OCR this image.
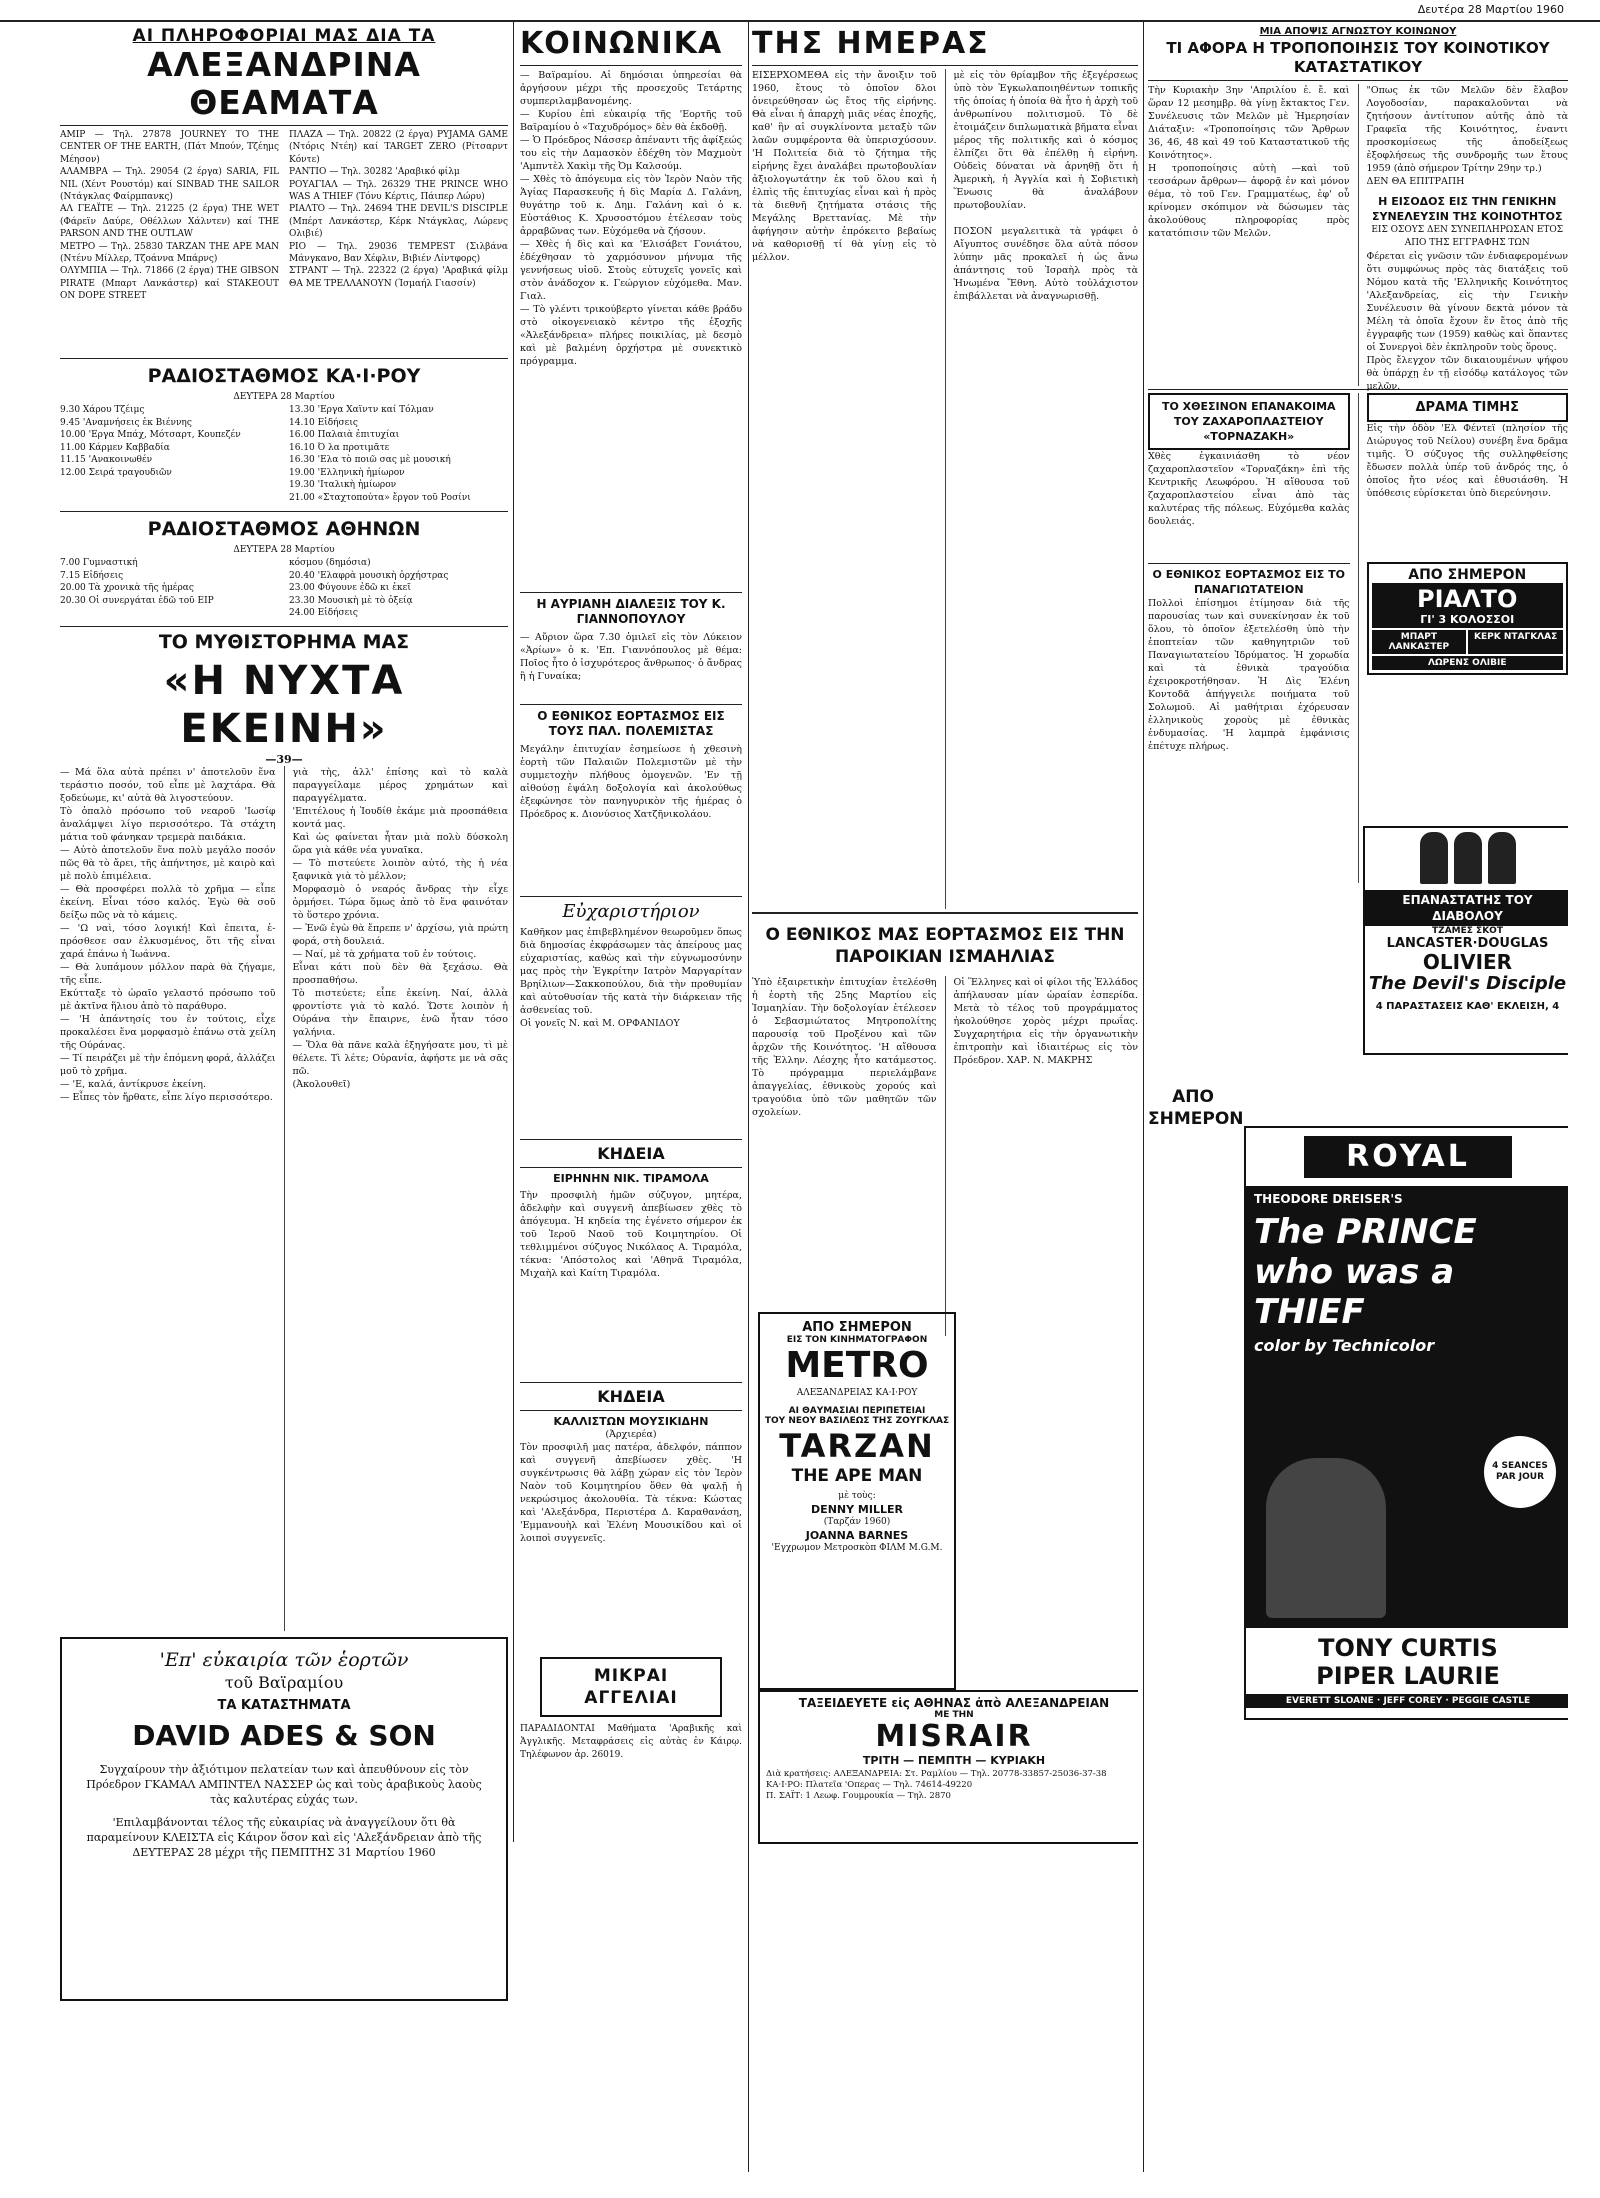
Δευτέρα 28 Μαρτίου 1960

ΑΙ ΠΛΗΡΟΦΟΡΙΑΙ ΜΑΣ ΔΙΑ ΤΑ

ΑΛΕΞΑΝΔΡΙΝΑ ΘΕΑΜΑΤΑ

ΑΜΙΡ — Τηλ. 27878 JOURNEY TO THE CENTER OF THE EARTH, (Πάτ Μπούν, Τζέημς Μέησον)
ΑΛΑΜΒΡΑ — Τηλ. 29054 (2 έργα) SARIA, FIL NIL (Χέντ Ρουστόμ) καί SINBAD THE SAILOR (Ντάγκλας Φαίρμπανκς)
ΑΛ ΓΕΑΪΤΕ — Τηλ. 21225 (2 έργα) THE WET (Φάρεϊν Δαύρε, Οθέλλων Χάλντεν) καί THE PARSON AND THE OUTLAW
ΜΕΤΡΟ — Τηλ. 25830 TARZAN THE APE MAN (Ντένυ Μίλλερ, Τζοάννα Μπάρνς)
ΟΛΥΜΠΙΑ — Τηλ. 71866 (2 έργα) THE GIBSON PIRATE (Μπαρτ Λανκάστερ) καί STAKEOUT ON DOPE STREET

ΠΛΑΖΑ — Τηλ. 20822 (2 έργα) PYJAMA GAME (Ντόρις Ντέη) καί TARGET ZERO (Ρίτσαρντ Κόντε)
ΡΑΝΤΙΟ — Τηλ. 30282 'Αραβικό φίλμ
ΡΟΥΑΓΙΑΛ — Τηλ. 26329 THE PRINCE WHO WAS A THIEF (Τόνυ Κέρτις, Πάιπερ Λώρυ)
ΡΙΑΛΤΟ — Τηλ. 24694 THE DEVIL'S DISCIPLE (Μπέρτ Λανκάστερ, Κέρκ Ντάγκλας, Λώρενς Ολιβιέ)
ΡΙΟ — Τηλ. 29036 TEMPEST (Σιλβάνα Μάνγκανο, Βαν Χέφλιν, Βιβιέν Λίντφορς)
ΣΤΡΑΝΤ — Τηλ. 22322 (2 έργα) 'Αραβικά φίλμ ΘΑ ΜΕ ΤΡΕΛΛΑΝΟΥΝ (Ίσμαήλ Γιασσίν)

ΡΑΔΙΟΣΤΑΘΜΟΣ ΚΑ·Ι·ΡΟΥ

ΔΕΥΤΕΡΑ 28 Μαρτίου

9.30 Χάρου Τζέιμς
9.45 'Αναμνήσεις ἐκ Βιέννης
10.00 'Εργα Μπάχ, Μότσαρτ, Κουπεζέν
11.00 Κάρμεν Καββαδία
11.15 'Ανακοινωθέν
12.00 Σειρά τραγουδιῶν

13.30 'Εργα Χαϊντν καί Τόλμαν
14.10 Εἰδήσεις
16.00 Παλαιὰ ἐπιτυχίαι
16.10 Ό λα προτιμᾶτε
16.30 'Ελα τὸ ποιῶ σας μὲ μουσική
19.00 'Ελληνικὴ ἡμίωρον
19.30 'Ιταλικὴ ἡμίωρον
21.00 «Σταχτοπούτα» ἔργον τοῦ Ροσίνι

ΡΑΔΙΟΣΤΑΘΜΟΣ ΑΘΗΝΩΝ

ΔΕΥΤΕΡΑ 28 Μαρτίου

7.00 Γυμναστική
7.15 Εἰδήσεις
20.00 Τὰ χρονικὰ τῆς ἡμέρας
20.30 Οἱ συνεργάται ἐδῶ τοῦ ΕΙΡ

κόσμου (δημόσια)
20.40 'Ελαφρὰ μουσικὴ ὀρχήστρας
23.00 Φύγουνε ἐδῶ κι ἐκεῖ
23.30 Μουσικὴ μὲ τὸ ὀξείᾳ
24.00 Εἰδήσεις

ΤΟ ΜΥΘΙΣΤΟΡΗΜΑ ΜΑΣ

«Η ΝΥΧΤΑ ΕΚΕΙΝΗ»

—39—

— Μά ὅλα αὐτὰ πρέπει ν' ἀποτελοῦν ἕνα τεράστιο ποσόν, τοῦ εἶπε μὲ λαχτάρα. Θὰ ξοδεύωμε, κι' αὐτὰ θὰ λιγοστεύουν.
Τὸ ὀπαλὸ πρόσωπο τοῦ νεαροῦ 'Ιωσίφ ἀναλάμψει λίγο περισσότερο. Τὰ στάχτη μάτια τοῦ φάνηκαν τρεμερὰ παιδάκια.
— Αὐτὸ ἀποτελοῦν ἕνα πολὺ μεγάλο ποσόν πῶς θὰ τὸ ἄρει, τῆς ἀπήντησε, μὲ καιρὸ καὶ μὲ πολὺ ἐπιμέλεια.
— Θὰ προσφέρει πολλὰ τὸ χρῆμα — εἶπε ἐκείνη. Εἶναι τόσο καλός. Ἐγὼ θὰ σοῦ δείξω πῶς νὰ τὸ κάμεις.
— 'Ω ναὶ, τόσο λογική! Καὶ ἐπειτα, ἐ- πρόσθεσε σαν ἐλκυσμένος, ὅτι τῆς εἶναι χαρά ἐπάνω ἡ Ἰωάννα.
— Θὰ λυπάμουν μόλλον παρὰ θὰ ζήγαμε, τῆς εἶπε.
Εκύτταξε τὸ ὡραῖο γελαστό πρόσωπο τοῦ μὲ ἀκτῖνα ἥλιου ἀπὸ τὸ παράθυρο.
— 'Η ἀπάντησίς του ἐν τούτοις, εἶχε προκαλέσει ἕνα μορφασμὸ ἐπάνω στὰ χείλη τῆς Ούράνας.
— Τί πειράζει μὲ τὴν ἑπόμενη φορά, ἀλλάζει μοῦ τὸ χρῆμα.
— 'Ε, καλά, ἀντίκρυσε ἐκείνη.
— Εἶπες τὸν ἤρθατε, εἶπε λίγο περισσότερο.

γιὰ τὴς, ἀλλ' ἐπίσης καὶ τὸ καλὰ παραγγείλαμε μέρος χρημάτων καὶ παραγγέλματα.
'Επιτέλους ἡ Ἰουδίθ ἐκάμε μιὰ προσπάθεια κοντά μας.
Καὶ ὡς φαίνεται ἦταν μιὰ πολὺ δύσκολη ὥρα γιὰ κάθε νέα γυναῖκα.
— Τὸ πιστεύετε λοιπὸν αὐτό, τὴς ἡ νέα ξαφνικὰ γιὰ τὸ μέλλον;
Μορφασμὸ ὁ νεαρός ἄνδρας τὴν εἶχε ὁρμήσει. Τώρα ὅμως ἀπὸ τὸ ἕνα φαινόταν τὸ ὕστερο χρόνια.
— Ἐνῶ ἐγὼ θὰ ἔπρεπε ν' ἀρχίσω, γιὰ πρώτη φορά, στὴ δουλειά.
— Ναί, μὲ τὰ χρήματα τοῦ ἐν τούτοις.
Εἶναι κάτι ποὺ δὲν θὰ ξεχάσω. Θὰ προσπαθήσω.
Τὸ πιστεύετε; εἶπε ἐκείνη. Ναί, ἀλλὰ φροντίστε γιὰ τὸ καλό. Ὥστε λοιπὸν ἡ Ούράνα τὴν ἔπαιρνε, ἐνῶ ἦταν τόσο γαλήνια.
— Ὅλα θὰ πᾶνε καλὰ ἐξηγήσατε μου, τὶ μὲ θέλετε. Τὶ λέτε; Οὐρανία, ἀφήστε με νὰ σᾶς πῶ.
(Ἀκολουθεῖ)

'Επ' εὐκαιρία τῶν ἑορτῶν

τοῦ Βαϊραμίου

ΤΑ ΚΑΤΑΣΤΗΜΑΤΑ

DAVID ADES & SON

Συγχαίρουν τὴν ἀξιότιμον πελατείαν των καὶ ἀπευθύνουν εἰς τὸν Πρόεδρον ΓΚΑΜΑΛ ΑΜΠΝΤΕΛ ΝΑΣΣΕΡ ὡς καὶ τοὺς ἀραβικοὺς λαοὺς τὰς καλυτέρας εὐχάς των.

'Επιλαμβάνονται τέλος τῆς εὐκαιρίας νὰ ἀναγγείλουν ὅτι θὰ παραμείνουν ΚΛΕΙΣΤΑ εἰς Κάιρον ὅσον καὶ εἰς 'Αλεξάνδρειαν ἀπὸ τῆς ΔΕΥΤΕΡΑΣ 28 μέχρι τῆς ΠΕΜΠΤΗΣ 31 Μαρτίου 1960

ΚΟΙΝΩΝΙΚΑ

— Βαϊραμίου. Αἱ δημόσιαι ὑπηρεσίαι θὰ ἀργήσουν μέχρι τῆς προσεχοῦς Τετάρτης συμπεριλαμβανομένης.
— Κυρίου ἐπὶ εὐκαιρίᾳ τῆς 'Εορτῆς τοῦ Βαϊραμίου ὁ «Ταχυδρόμος» δὲν θὰ ἐκδοθῇ.
— Ὁ Πρόεδρος Νάσσερ ἀπέναντι τῆς ἀφίξεώς του εἰς τὴν Δαμασκὸν ἐδέχθη τὸν Μαχμοὺτ 'Αμπντὲλ Χακὶμ τῆς Ὀμ Καλσούμ.
— Χθὲς τὸ ἀπόγευμα εἰς τὸν Ἱερὸν Ναὸν τῆς Ἁγίας Παρασκευῆς ἡ δὶς Μαρία Δ. Γαλάνη, θυγάτηρ τοῦ κ. Δημ. Γαλάνη καὶ ὁ κ. Εὐστάθιος Κ. Χρυσοστόμου ἐτέλεσαν τοὺς ἀρραβῶνας των. Εὐχόμεθα νὰ ζήσουν.
— Χθὲς ἡ δὶς καὶ κα 'Ελισάβετ Γονιάτου, ἐδέχθησαν τὸ χαρμόσυνον μήνυμα τῆς γεννήσεως υἱοῦ. Στοὺς εὐτυχεῖς γονεῖς καὶ στὸν ἀνάδοχον κ. Γεώργιον εὐχόμεθα. Μαν. Γιαλ.
— Τὸ γλέντι τρικούβερτο γίνεται κάθε βράδυ στὸ οἰκογενειακὸ κέντρο τῆς ἐξοχῆς «Ἀλεξάνδρεια» πλήρες ποικιλίας, μὲ δεσμὸ καὶ μὲ βαλμένη ὀρχήστρα μὲ συνεκτικὸ πρόγραμμα.

Η ΑΥΡΙΑΝΗ ΔΙΑΛΕΞΙΣ ΤΟΥ Κ. ΓΙΑΝΝΟΠΟΥΛΟΥ

— Αὔριον ὥρα 7.30 ὁμιλεῖ εἰς τὸν Λύκειον «Ἀρίων» ὁ κ. 'Επ. Γιαννόπουλος μὲ θέμα: Ποῖος ἦτο ὁ ἰσχυρότερος ἄνθρωπος· ὁ ἄνδρας ἢ ἡ Γυναίκα;

Ο ΕΘΝΙΚΟΣ ΕΟΡΤΑΣΜΟΣ ΕΙΣ ΤΟΥΣ ΠΑΛ. ΠΟΛΕΜΙΣΤΑΣ

Μεγάλην ἐπιτυχίαν ἐσημείωσε ἡ χθεσινὴ ἑορτὴ τῶν Παλαιῶν Πολεμιστῶν μὲ τὴν συμμετοχὴν πλήθους ὁμογενῶν. 'Εν τῇ αἰθούσῃ ἐψάλη δοξολογία καὶ ἀκολούθως ἐξεφώνησε τὸν πανηγυρικὸν τῆς ἡμέρας ὁ Πρόεδρος κ. Διονύσιος Χατζῆνικολάου.

Εὐχαριστήριον

Καθῆκον μας ἐπιβεβλημένον θεωροῦμεν ὅπως διὰ δημοσίας ἐκφράσωμεν τὰς ἀπείρους μας εὐχαριστίας, καθὼς καὶ τὴν εὐγνωμοσύνην μας πρὸς τὴν Ἐγκρίτην Ιατρὸν Μαργαρίταν Βρηίλιων—Σακκοπούλου, διὰ τὴν προθυμίαν καὶ αὐτοθυσίαν τῆς κατὰ τὴν διάρκειαν τῆς ἀσθενείας τοῦ.
Οἱ γονεῖς Ν. καὶ Μ. ΟΡΦΑΝΙΔΟΥ

ΚΗΔΕΙΑ

ΕΙΡΗΝΗΝ ΝΙΚ. ΤΙΡΑΜΟΛΑ

Τὴν προσφιλὴ ἡμῶν σύζυγον, μητέρα, ἀδελφὴν καὶ συγγενῆ ἀπεβίωσεν χθὲς τὸ ἀπόγευμα. Ἡ κηδεία της ἐγένετο σήμερον ἐκ τοῦ Ἱεροῦ Ναοῦ τοῦ Κοιμητηρίου. Οἱ τεθλιμμένοι σύζυγος Νικόλαος Α. Τιραμόλα, τέκνα: 'Απόστολος καὶ 'Αθηνᾶ Τιραμόλα, Μιχαὴλ καὶ Καίτη Τιραμόλα.

ΚΗΔΕΙΑ

ΚΑΛΛΙΣΤΩΝ ΜΟΥΣΙΚΙΔΗΝ

(Ἀρχιερέα)

Τὸν προσφιλῆ μας πατέρα, ἀδελφόν, πάππον καὶ συγγενῆ ἀπεβίωσεν χθὲς. 'Η συγκέντρωσις θὰ λάβῃ χώραν εἰς τὸν Ἱερὸν Ναὸν τοῦ Κοιμητηρίου ὅθεν θὰ ψαλῇ ἡ νεκρώσιμος ἀκολουθία. Τὰ τέκνα: Κώστας καὶ 'Αλεξάνδρα, Περιστέρα Δ. Καραθανάση, 'Εμμανουὴλ καὶ Ἑλένη Μουσικίδου καὶ οἱ λοιποὶ συγγενεῖς.

ΜΙΚΡΑΙ ΑΓΓΕΛΙΑΙ

ΠΑΡΑΔΙΔΟΝΤΑΙ Μαθήματα 'Αραβικῆς καὶ Ἀγγλικῆς. Μεταφράσεις εἰς αὐτὰς ἐν Κάιρῳ. Τηλέφωνον ἀρ. 26019.

ΤΗΣ ΗΜΕΡΑΣ

ΕΙΣΕΡΧΟΜΕΘΑ εἰς τὴν ἄνοιξιν τοῦ 1960, ἔτους τὸ ὁποῖον δλοι ὀνειρεύθησαν ὡς ἔτος τῆς εἰρήνης. Θὰ εἶναι ἡ ἀπαρχὴ μιᾶς νέας ἐποχῆς, καθ' ἣν αἱ συγκλίνοντα μεταξὺ τῶν λαῶν συμφέροντα θὰ ὑπερισχύσουν. 'Η Πολιτεία διὰ τὸ ζήτημα τῆς εἰρήνης ἔχει ἀναλάβει πρωτοβουλίαν ἀξιολογωτάτην ἐκ τοῦ ὅλου καὶ ἡ ἐλπὶς τῆς ἐπιτυχίας εἶναι καὶ ἡ πρὸς τὰ διεθνῆ ζητήματα στάσις τῆς Μεγάλης Βρεττανίας. Μὲ τὴν ἀφήγησιν αὐτὴν ἐπρόκειτο βεβαίως νὰ καθορισθῇ τί θὰ γίνῃ εἰς τὸ μέλλον.

μὲ εἰς τὸν θρίαμβον τῆς ἐξεγέρσεως ὑπὸ τὸν Ἐγκωλαποιηθέντων τοπικῆς τῆς ὁποίας ἡ ὁποία θὰ ἦτο ἡ ἀρχὴ τοῦ ἀνθρωπίνου πολιτισμοῦ. Τὸ δὲ ἐτοιμάζειν διπλωματικὰ βῆματα εἶναι μέρος τῆς πολιτικῆς καὶ ὁ κόσμος ἐλπίζει ὅτι θὰ ἐπέλθῃ ἡ εἰρήνη. Οὐδεὶς δύναται νὰ ἀρνηθῇ ὅτι ἡ Ἀμερικὴ, ἡ Ἀγγλία καὶ ἡ Σοβιετικὴ Ἕνωσις θὰ ἀναλάβουν πρωτοβουλίαν.

ΠΟΣΟΝ μεγαλειτικὰ τὰ γράφει ὁ Αἴγυπτος συνέδησε ὅλα αὐτὰ πόσον λύπην μᾶς προκαλεῖ ἡ ὡς ἄνω ἀπάντησις τοῦ Ἰσραὴλ πρὸς τὰ Ἡνωμένα Ἔθνη. Αὐτὸ τοὐλάχιστον ἐπιβάλλεται νὰ ἀναγνωρισθῇ.

Ο ΕΘΝΙΚΟΣ ΜΑΣ ΕΟΡΤΑΣΜΟΣ ΕΙΣ ΤΗΝ ΠΑΡΟΙΚΙΑΝ ΙΣΜΑΗΛΙΑΣ

Ὑπὸ ἐξαιρετικὴν ἐπιτυχίαν ἐτελέσθη ἡ ἑορτὴ τῆς 25ης Μαρτίου εἰς Ἰσμαηλίαν. Τὴν δοξολογίαν ἐτέλεσεν ὁ Σεβασμιώτατος Μητροπολίτης παρουσίᾳ τοῦ Προξένου καὶ τῶν ἀρχῶν τῆς Κοινότητος. 'Η αἴθουσα τῆς Ἑλλην. Λέσχης ἦτο κατάμεστος. Τὸ πρόγραμμα περιελάμβανε ἀπαγγελίας, ἐθνικοὺς χορούς καὶ τραγούδια ὑπὸ τῶν μαθητῶν τῶν σχολείων.

Οἱ Ἕλληνες καὶ οἱ φίλοι τῆς Ἑλλάδος ἀπήλαυσαν μίαν ὡραίαν ἑσπερίδα. Μετὰ τὸ τέλος τοῦ προγράμματος ἠκολούθησε χορὸς μέχρι πρωΐας. Συγχαρητήρια εἰς τὴν ὀργανωτικὴν ἐπιτροπὴν καὶ ἰδιαιτέρως εἰς τὸν Πρόεδρον. ΧΑΡ. Ν. ΜΑΚΡΗΣ

ΑΠΟ ΣΗΜΕΡΟΝ

ΕΙΣ ΤΟΝ ΚΙΝΗΜΑΤΟΓΡΑΦΟΝ

METRO

ΑΛΕΞΑΝΔΡΕΙΑΣ ΚΑ·Ι·ΡΟΥ

ΑΙ ΘΑΥΜΑΣΙΑΙ ΠΕΡΙΠΕΤΕΙΑΙ

ΤΟΥ ΝΕΟΥ ΒΑΣΙΛΕΩΣ ΤΗΣ ΖΟΥΓΚΛΑΣ

TARZAN

THE APE MAN

μὲ τοὺς:

DENNY MILLER

(Ταρζάν 1960)

JOANNA BARNES

'Εγχρωμον Μετροσκὸπ ΦΙΛΜ Μ.G.M.

ΤΑΞΕΙΔΕΥΕΤΕ εἰς ΑΘΗΝΑΣ ἀπὸ ΑΛΕΞΑΝΔΡΕΙΑΝ

ΜΕ ΤΗΝ

MISRAIR

ΤΡΙΤΗ — ΠΕΜΠΤΗ — ΚΥΡΙΑΚΗ

Διὰ κρατήσεις: ΑΛΕΞΑΝΔΡΕΙΑ: Στ. Ραμλίου — Τηλ. 20778-33857-25036-37-38
ΚΑ·Ι·ΡΟ: Πλατεῖα 'Οπερας — Τηλ. 74614-49220
Π. ΣΑΪΤ: 1 Λεωφ. Γουμρουκία — Τηλ. 2870

ΜΙΑ ΑΠΟΨΙΣ ΑΓΝΩΣΤΟΥ ΚΟΙΝΩΝΟΥ

ΤΙ ΑΦΟΡΑ Η ΤΡΟΠΟΠΟΙΗΣΙΣ ΤΟΥ ΚΟΙΝΟΤΙΚΟΥ ΚΑΤΑΣΤΑΤΙΚΟΥ

Τὴν Κυριακὴν 3ην 'Απριλίου ἐ. ἔ. καὶ ὥραν 12 μεσημβρ. θὰ γίνῃ ἔκτακτος Γεν. Συνέλευσις τῶν Μελῶν μὲ Ἡμερησίαν Διάταξιν: «Τροποποίησις τῶν Ἄρθρων 36, 46, 48 καὶ 49 τοῦ Καταστατικοῦ τῆς Κοινότητος».
Η τροποποίησις αὐτὴ —καὶ τοῦ τεσσάρων ἄρθρων— ἀφορᾷ ἐν καὶ μόνον θέμα, τὸ τοῦ Γεν. Γραμματέως, ἐφ' οὗ κρίνομεν σκόπιμον νὰ δώσωμεν τὰς ἀκολούθους πληροφορίας πρὸς κατατόπισιν τῶν Μελῶν.

"Οπως ἐκ τῶν Μελῶν δὲν ἔλαβον Λογοδοσίαν, παρακαλοῦνται νὰ ζητήσουν ἀντίτυπον αὐτῆς ἀπὸ τὰ Γραφεῖα τῆς Κοινότητος, ἐναντι προσκομίσεως τῆς ἀποδείξεως ἐξοφλήσεως τῆς συνδρομῆς των ἔτους 1959 (ἀπὸ σήμερον Τρίτην 29ην τρ.)
ΔΕΝ ΘΑ ΕΠΙΤΡΑΠΗ

Η ΕΙΣΟΔΟΣ ΕΙΣ ΤΗΝ ΓΕΝΙΚΗΝ ΣΥΝΕΛΕΥΣΙΝ ΤΗΣ ΚΟΙΝΟΤΗΤΟΣ

ΕΙΣ ΟΣΟΥΣ ΔΕΝ ΣΥΝΕΠΛΗΡΩΣΑΝ ΕΤΟΣ ΑΠΟ ΤΗΣ ΕΓΓΡΑΦΗΣ ΤΩΝ

Φέρεται εἰς γνῶσιν τῶν ἐνδιαφερομένων ὅτι συμφώνως πρὸς τὰς διατάξεις τοῦ Νόμου κατὰ τῆς 'Ελληνικῆς Κοινότητος 'Αλεξανδρείας, εἰς τὴν Γενικὴν Συνέλευσιν θὰ γίνουν δεκτὰ μόνον τὰ Μέλη τὰ ὁποῖα ἔχουν ἕν ἔτος ἀπὸ τῆς ἐγγραφῆς των (1959) καθὼς καὶ ὅπαντες οἱ Συνεργοὶ δὲν ἐκπληροῦν τοὺς ὅρους.
Πρὸς ἔλεγχον τῶν δικαιουμένων ψήφου θὰ ὑπάρχῃ ἐν τῇ εἰσόδῳ κατάλογος τῶν μελῶν.

ΤΟ ΧΘΕΣΙΝΟΝ ΕΠΑΝΑΚΟΙΜΑ ΤΟΥ ΖΑΧΑΡΟΠΛΑΣΤΕΙΟΥ «ΤΟΡΝΑΖΑΚΗ»

Χθὲς ἐγκαινιάσθη τὸ νέον ζαχαροπλαστεῖον «Τορναζάκη» ἐπὶ τῆς Κεντρικῆς Λεωφόρου. Ἡ αἴθουσα τοῦ ζαχαροπλαστείου εἶναι ἀπὸ τὰς καλυτέρας τῆς πόλεως. Εὐχόμεθα καλὰς δουλειάς.

Ο ΕΘΝΙΚΟΣ ΕΟΡΤΑΣΜΟΣ ΕΙΣ ΤΟ ΠΑΝΑΓΙΩΤΑΤΕΙΟΝ

Πολλοὶ ἐπίσημοι ἐτίμησαν διὰ τῆς παρουσίας των καὶ συνεκίνησαν ἐκ τοῦ ὅλου, τὸ ὁποῖον ἐξετελέσθη ὑπὸ τὴν ἐποπτείαν τῶν καθηγητριῶν τοῦ Παναγιωτατείου Ἰδρύματος. Ἡ χορωδία καὶ τὰ ἐθνικὰ τραγούδια ἐχειροκροτήθησαν. Ἡ Δὶς Ἑλένη Κοντοδᾶ ἀπήγγειλε ποιήματα τοῦ Σολωμοῦ. Αἱ μαθήτριαι ἐχόρευσαν ἑλληνικοὺς χοροὺς μὲ ἐθνικὰς ἐνδυμασίας. 'Η λαμπρὰ ἐμφάνισις ἐπέτυχε πλήρως.

ΔΡΑΜΑ ΤΙΜΗΣ

Εἰς τὴν ὁδὸν 'Ελ Φέντεϊ (πλησίον τῆς Διώρυγος τοῦ Νείλου) συνέβη ἕνα δρᾶμα τιμῆς. Ὁ σύζυγος τῆς συλληφθείσης ἔδωσεν πολλὰ ὑπέρ τοῦ ἀνδρός της, ὁ ὁποῖος ἤτο νέος καὶ ἐθυσιάσθη. Ἡ ὑπόθεσις εὑρίσκεται ὑπὸ διερεύνησιν.

ΑΠΟ ΣΗΜΕΡΟΝ

ΡΙΑΛΤΟ

ΓΙ' 3 ΚΟΛΟΣΣΟΙ

ΜΠΑΡΤ ΛΑΝΚΑΣΤΕΡ

ΚΕΡΚ ΝΤΑΓΚΛΑΣ

ΛΩΡΕΝΣ ΟΛΙΒΙΕ

ΕΠΑΝΑΣΤΑΤΗΣ ΤΟΥ ΔΙΑΒΟΛΟΥ

ΤΖΑΜΕΣ ΣΚΟΤ

LANCASTER·DOUGLAS

OLIVIER

The Devil's Disciple

4 ΠΑΡΑΣΤΑΣΕΙΣ ΚΑΘ' ΕΚΛΕΙΣΗ, 4

ΑΠΟ ΣΗΜΕΡΟΝ

ROYAL

THEODORE DREISER'S

The PRINCE who was a THIEF

color by Technicolor

4 SEANCES PAR JOUR

TONY CURTIS

PIPER LAURIE

EVERETT SLOANE · JEFF COREY · PEGGIE CASTLE
